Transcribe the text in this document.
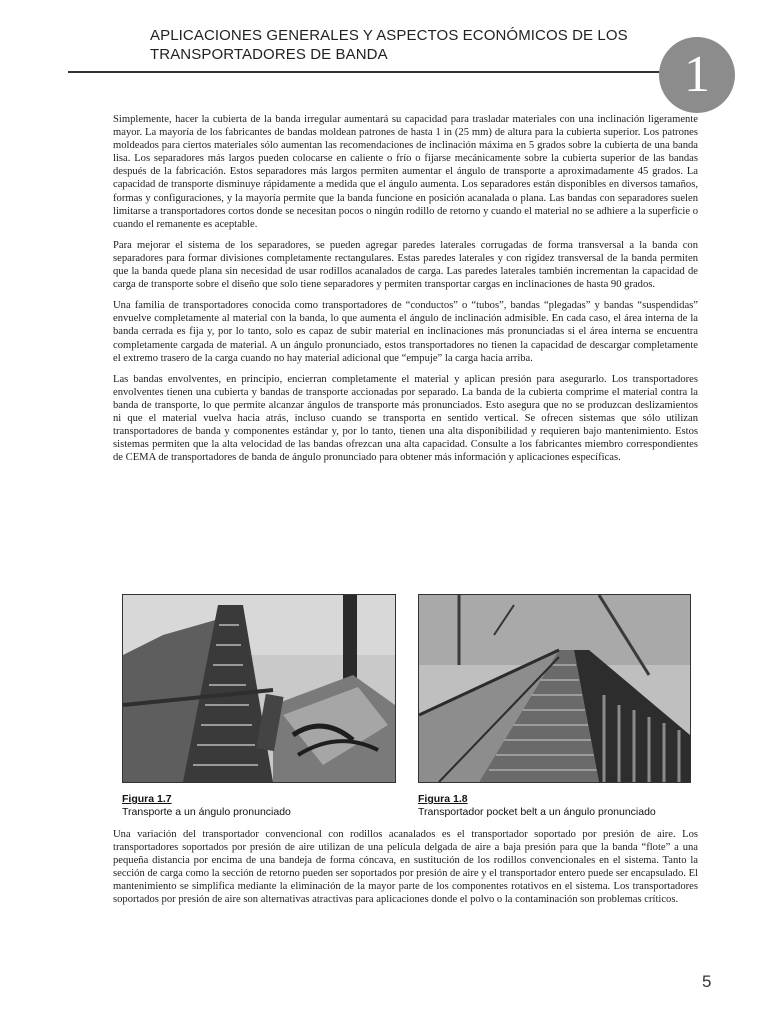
APLICACIONES GENERALES Y ASPECTOS ECONÓMICOS DE LOS TRANSPORTADORES DE BANDA	1

Simplemente, hacer la cubierta de la banda irregular aumentará su capacidad para trasladar materiales con una inclinación ligeramente mayor. La mayoría de los fabricantes de bandas moldean patrones de hasta 1 in (25 mm) de altura para la cubierta superior. Los patrones moldeados para ciertos materiales sólo aumentan las recomendaciones de inclinación máxima en 5 grados sobre la cubierta de una banda lisa. Los separadores más largos pueden colocarse en caliente o frío o fijarse mecánicamente sobre la cubierta superior de las bandas después de la fabricación. Estos separadores más largos permiten aumentar el ángulo de transporte a aproximadamente 45 grados. La capacidad de transporte disminuye rápidamente a medida que el ángulo aumenta. Los separadores están disponibles en diversos tamaños, formas y configuraciones, y la mayoría permite que la banda funcione en posición acanalada o plana. Las bandas con separadores suelen limitarse a transportadores cortos donde se necesitan pocos o ningún rodillo de retorno y cuando el material no se adhiere a la superficie o cuando el remanente es aceptable.

Para mejorar el sistema de los separadores, se pueden agregar paredes laterales corrugadas de forma transversal a la banda con separadores para formar divisiones completamente rectangulares. Estas paredes laterales y con rigidez transversal de la banda permiten que la banda quede plana sin necesidad de usar rodillos acanalados de carga. Las paredes laterales también incrementan la capacidad de carga de transporte sobre el diseño que solo tiene separadores y permiten transportar cargas en inclinaciones de hasta 90 grados.

Una familia de transportadores conocida como transportadores de “conductos” o “tubos”, bandas “plegadas” y bandas “suspendidas” envuelve completamente al material con la banda, lo que aumenta el ángulo de inclinación admisible. En cada caso, el área interna de la banda cerrada es fija y, por lo tanto, solo es capaz de subir material en inclinaciones más pronunciadas si el área interna se encuentra completamente cargada de material. A un ángulo pronunciado, estos transportadores no tienen la capacidad de descargar completamente el extremo trasero de la carga cuando no hay material adicional que “empuje” la carga hacia arriba.

Las bandas envolventes, en principio, encierran completamente el material y aplican presión para asegurarlo. Los transportadores envolventes tienen una cubierta y bandas de transporte accionadas por separado. La banda de la cubierta comprime el material contra la banda de transporte, lo que permite alcanzar ángulos de transporte más pronunciados. Esto asegura que no se produzcan deslizamientos ni que el material vuelva hacia atrás, incluso cuando se transporta en sentido vertical. Se ofrecen sistemas que sólo utilizan transportadores de banda y componentes estándar y, por lo tanto, tienen una alta disponibilidad y requieren bajo mantenimiento. Estos sistemas permiten que la alta velocidad de las bandas ofrezcan una alta capacidad. Consulte a los fabricantes miembro correspondientes de CEMA de transportadores de banda de ángulo pronunciado para obtener más información y aplicaciones específicas.

Figura 1.7
Transporte a un ángulo pronunciado
Figura 1.8
Transportador pocket belt a un ángulo pronunciado

Una variación del transportador convencional con rodillos acanalados es el transportador soportado por presión de aire. Los transportadores soportados por presión de aire utilizan de una película delgada de aire a baja presión para que la banda “flote” a una pequeña distancia por encima de una bandeja de forma cóncava, en sustitución de los rodillos convencionales en el sistema. Tanto la sección de carga como la sección de retorno pueden ser soportados por presión de aire y el transportador entero puede ser encapsulado. El mantenimiento se simplifica mediante la eliminación de la mayor parte de los componentes rotativos en el sistema. Los transportadores soportados por presión de aire son alternativas atractivas para aplicaciones donde el polvo o la contaminación son problemas críticos.

5
